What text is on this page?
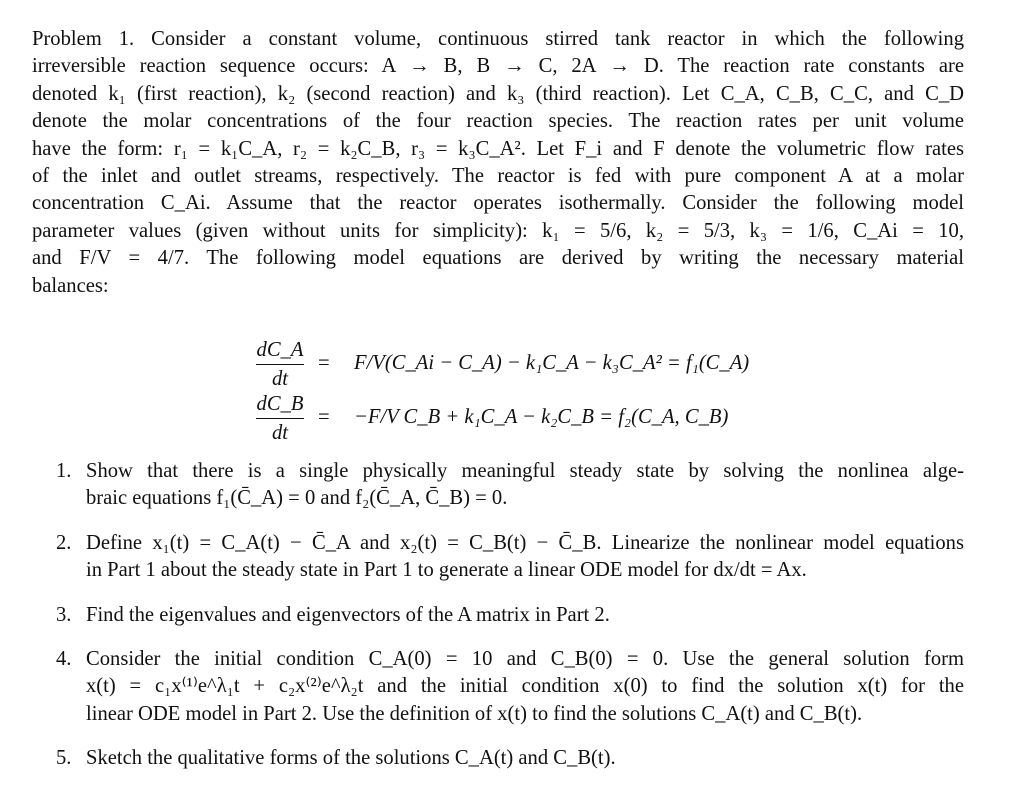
Problem 1. Consider a constant volume, continuous stirred tank reactor in which the following
irreversible reaction sequence occurs: A → B, B → C, 2A → D. The reaction rate constants are
denoted k₁ (first reaction), k₂ (second reaction) and k₃ (third reaction). Let C_A, C_B, C_C, and C_D
denote the molar concentrations of the four reaction species. The reaction rates per unit volume
have the form: r₁ = k₁C_A, r₂ = k₂C_B, r₃ = k₃C_A². Let F_i and F denote the volumetric flow rates
of the inlet and outlet streams, respectively. The reactor is fed with pure component A at a molar
concentration C_Ai. Assume that the reactor operates isothermally. Consider the following model
parameter values (given without units for simplicity): k₁ = 5/6, k₂ = 5/3, k₃ = 1/6, C_Ai = 10,
and F/V = 4/7. The following model equations are derived by writing the necessary material
balances:

dC_A
dt
= F/V(C_Ai − C_A) − k₁C_A − k₃C_A² = f₁(C_A)
dC_B
dt
= −F/V C_B + k₁C_A − k₂C_B = f₂(C_A, C_B)
1. Show that there is a single physically meaningful steady state by solving the nonlinea alge-
braic equations f₁(C̄_A) = 0 and f₂(C̄_A, C̄_B) = 0.

2. Define x₁(t) = C_A(t) − C̄_A and x₂(t) = C_B(t) − C̄_B. Linearize the nonlinear model equations
in Part 1 about the steady state in Part 1 to generate a linear ODE model for dx/dt = Ax.

3. Find the eigenvalues and eigenvectors of the A matrix in Part 2.

4. Consider the initial condition C_A(0) = 10 and C_B(0) = 0. Use the general solution form
x(t) = c₁x⁽¹⁾e^λ₁t + c₂x⁽²⁾e^λ₂t and the initial condition x(0) to find the solution x(t) for the
linear ODE model in Part 2. Use the definition of x(t) to find the solutions C_A(t) and C_B(t).

5. Sketch the qualitative forms of the solutions C_A(t) and C_B(t).
